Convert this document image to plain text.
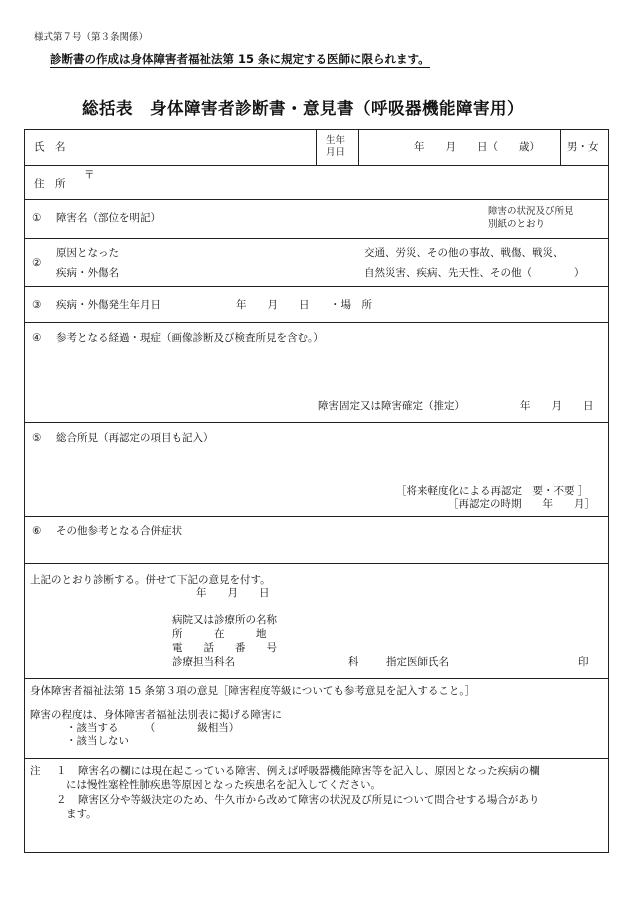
様式第７号（第３条関係）
診断書の作成は身体障害者福祉法第 15 条に規定する医師に限られます。
総括表　身体障害者診断書・意見書（呼吸器機能障害用）
氏　名
生年
月日	年　　月　　日（　　歳）	男・女
住　所
〒
① 障害名（部位を明記）
障害の状況及び所見
別紙のとおり
②
原因となった
疾病・外傷名
交通、労災、その他の事故、戦傷、戦災、
自然災害、疾病、先天性、その他（　　　　）
③ 疾病・外傷発生年月日	年　　月　　日 ・場　所
④ 参考となる経過・現症（画像診断及び検査所見を含む。）
障害固定又は障害確定（推定）	年　　月　　日
⑤ 総合所見（再認定の項目も記入）
［将来軽度化による再認定　要・不要 ］
［再認定の時期　　年　　月］
⑥ その他参考となる合併症状
上記のとおり診断する。併せて下記の意見を付す。
年　　月　　日
病院又は診療所の名称
所　　　在　　　地
電　　話　　番　　号
診療担当科名	科	指定医師氏名	印
身体障害者福祉法第 15 条第３項の意見［障害程度等級についても参考意見を記入すること。］
障害の程度は、身体障害者福祉法別表に掲げる障害に
・該当する　　　（　　　　級相当）
・該当しない
注 １ 障害名の欄には現在起こっている障害、例えば呼吸器機能障害等を記入し、原因となった疾病の欄
には慢性塞栓性肺疾患等原因となった疾患名を記入してください。
２ 障害区分や等級決定のため、牛久市から改めて障害の状況及び所見について問合せする場合があり
ます。
